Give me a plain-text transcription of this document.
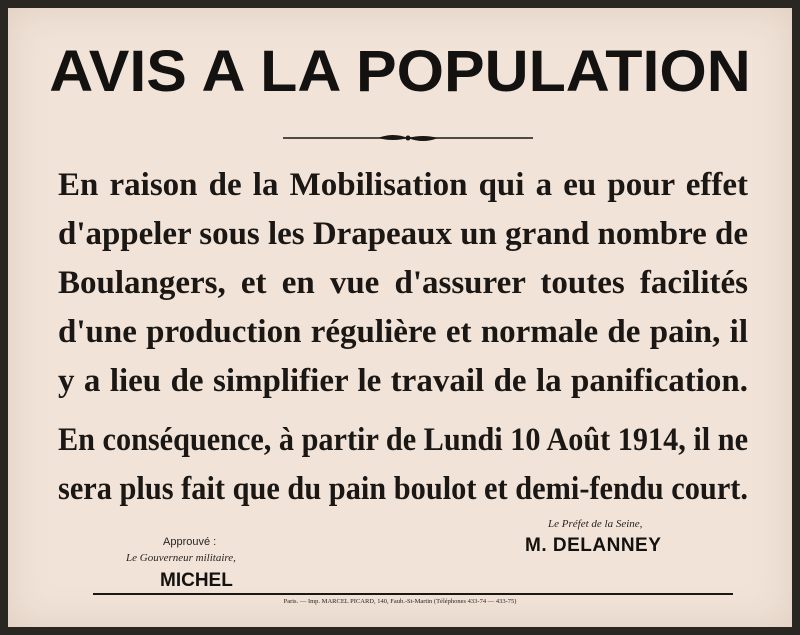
AVIS A LA POPULATION
En raison de la Mobilisation qui a eu pour effet
d'appeler sous les Drapeaux un grand nombre de
Boulangers, et en vue d'assurer toutes facilités
d'une production régulière et normale de pain, il
y a lieu de simplifier le travail de la panification.
En conséquence, à partir de Lundi 10 Août 1914, il ne
sera plus fait que du pain boulot et demi-fendu court.
Approuvé :
Le Gouverneur militaire,
MICHEL
Le Préfet de la Seine,
M. DELANNEY
Paris. — Imp. MARCEL PICARD, 140, Faub.-St-Martin (Téléphones 433-74 — 433-75)
